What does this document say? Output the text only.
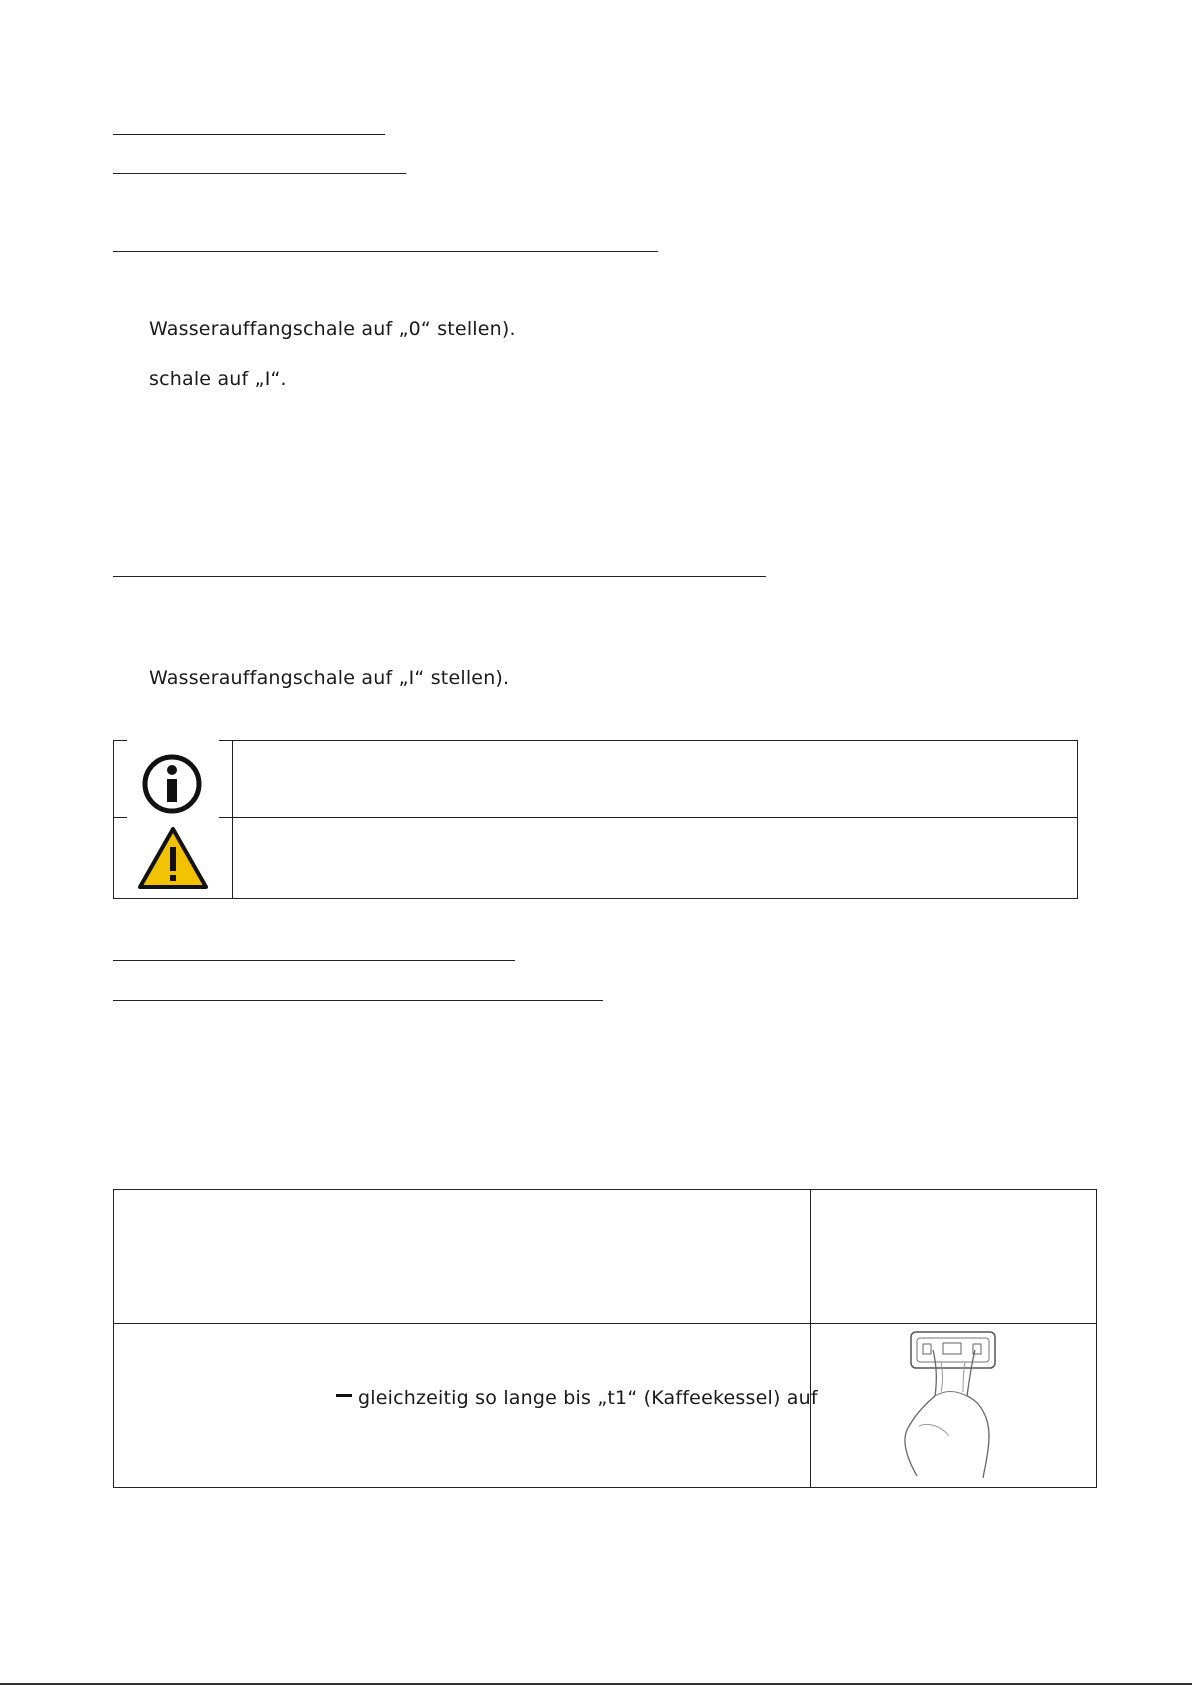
Wasserauffangschale auf „0“ stellen).
schale auf „I“.
Wasserauffangschale auf „I“ stellen).
gleichzeitig so lange bis „t1“ (Kaffeekessel) auf
